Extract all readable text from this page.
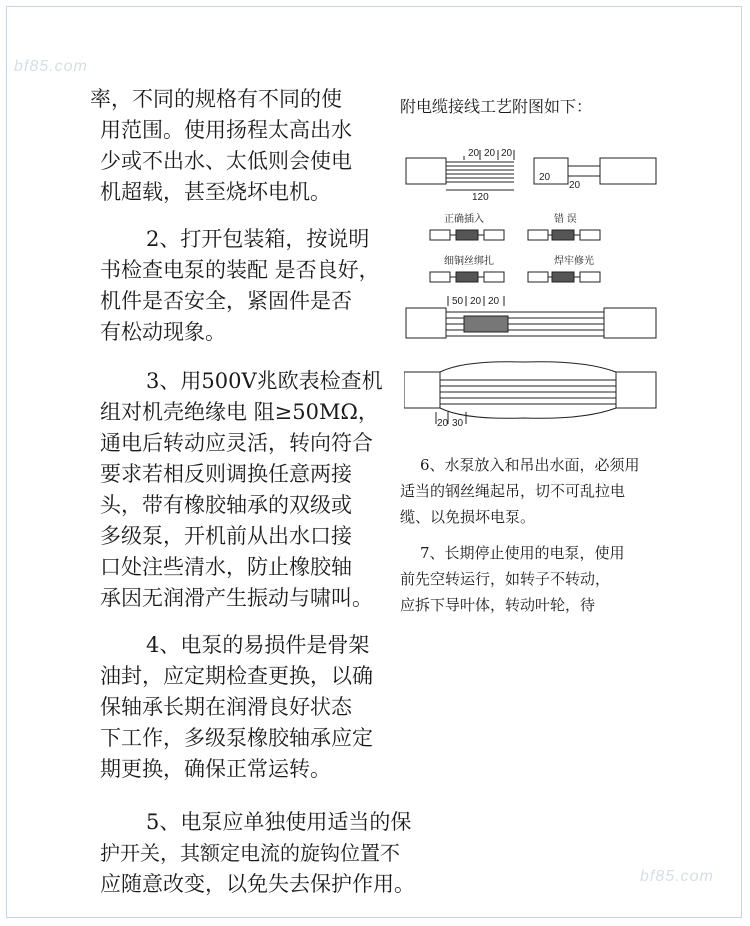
bf85.com
bf85.com

率，不同的规格有不同的使
用范围。使用扬程太高出水
少或不出水、太低则会使电
机超载，甚至烧坏电机。

2、打开包装箱，按说明
书检查电泵的装配 是否良好，
机件是否安全，紧固件是否
有松动现象。

3、用500V兆欧表检查机
组对机壳绝缘电 阻≥50MΩ，
通电后转动应灵活，转向符合
要求若相反则调换任意两接
头，带有橡胶轴承的双级或
多级泵，开机前从出水口接
口处注些清水，防止橡胶轴
承因无润滑产生振动与啸叫。

4、电泵的易损件是骨架
油封，应定期检查更换，以确
保轴承长期在润滑良好状态
下工作，多级泵橡胶轴承应定
期更换，确保正常运转。

5、电泵应单独使用适当的保
护开关，其额定电流的旋钩位置不
应随意改变，以免失去保护作用。

附电缆接线工艺附图如下：

20 20 20
120
20
20
正确插入	错 误
细铜丝绑扎	焊牢修光
50 20 20
20 30

6、水泵放入和吊出水面，必须用
适当的钢丝绳起吊，切不可乱拉电
缆、以免损坏电泵。

7、长期停止使用的电泵，使用
前先空转运行，如转子不转动，
应拆下导叶体，转动叶轮，待
